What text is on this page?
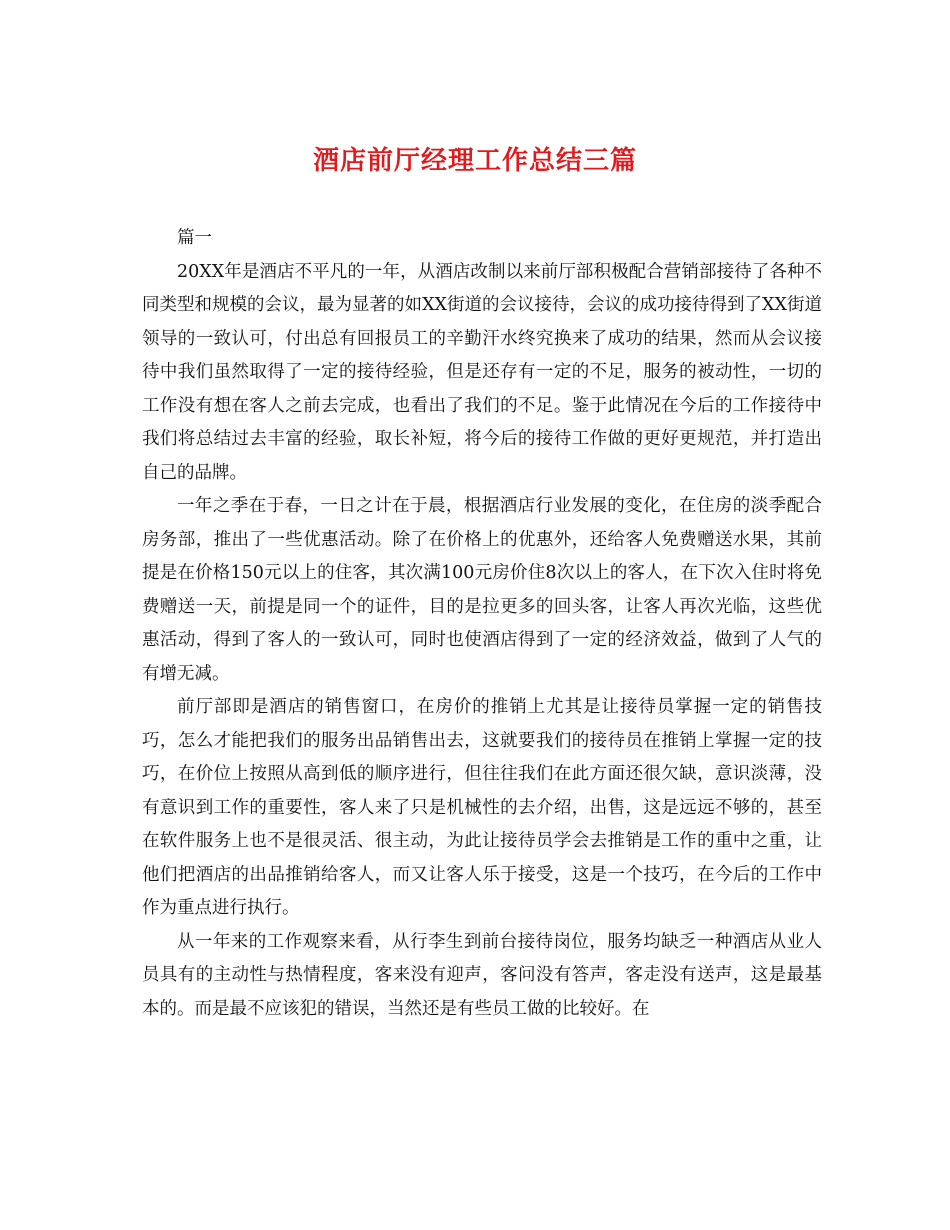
酒店前厅经理工作总结三篇

篇一

20XX年是酒店不平凡的一年，从酒店改制以来前厅部积极配合营销部接待了各种不同类型和规模的会议，最为显著的如XX街道的会议接待，会议的成功接待得到了XX街道领导的一致认可，付出总有回报员工的辛勤汗水终究换来了成功的结果，然而从会议接待中我们虽然取得了一定的接待经验，但是还存有一定的不足，服务的被动性，一切的工作没有想在客人之前去完成，也看出了我们的不足。鉴于此情况在今后的工作接待中我们将总结过去丰富的经验，取长补短，将今后的接待工作做的更好更规范，并打造出自己的品牌。

一年之季在于春，一日之计在于晨，根据酒店行业发展的变化，在住房的淡季配合房务部，推出了一些优惠活动。除了在价格上的优惠外，还给客人免费赠送水果，其前提是在价格150元以上的住客，其次满100元房价住8次以上的客人，在下次入住时将免费赠送一天，前提是同一个的证件，目的是拉更多的回头客，让客人再次光临，这些优惠活动，得到了客人的一致认可，同时也使酒店得到了一定的经济效益，做到了人气的有增无减。

前厅部即是酒店的销售窗口，在房价的推销上尤其是让接待员掌握一定的销售技巧，怎么才能把我们的服务出品销售出去，这就要我们的接待员在推销上掌握一定的技巧，在价位上按照从高到低的顺序进行，但往往我们在此方面还很欠缺，意识淡薄，没有意识到工作的重要性，客人来了只是机械性的去介绍，出售，这是远远不够的，甚至在软件服务上也不是很灵活、很主动，为此让接待员学会去推销是工作的重中之重，让他们把酒店的出品推销给客人，而又让客人乐于接受，这是一个技巧，在今后的工作中作为重点进行执行。

从一年来的工作观察来看，从行李生到前台接待岗位，服务均缺乏一种酒店从业人员具有的主动性与热情程度，客来没有迎声，客问没有答声，客走没有送声，这是最基本的。而是最不应该犯的错误，当然还是有些员工做的比较好。在
